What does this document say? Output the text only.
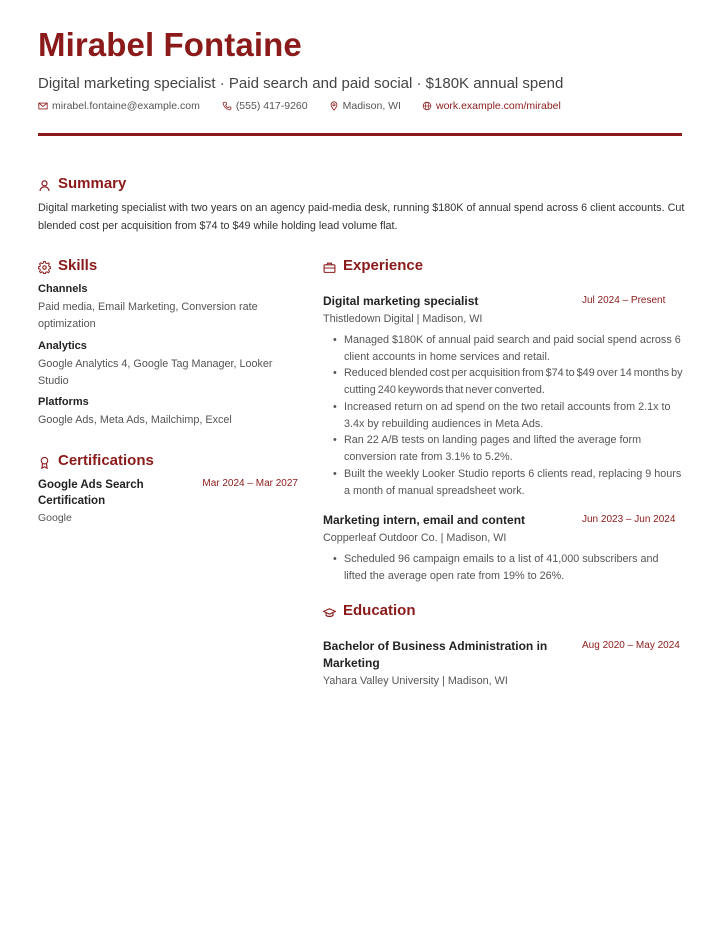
Mirabel Fontaine
Digital marketing specialist · Paid search and paid social · $180K annual spend
mirabel.fontaine@example.com	(555) 417-9260	Madison, WI	work.example.com/mirabel
Summary
Digital marketing specialist with two years on an agency paid-media desk, running $180K of annual spend across 6 client accounts. Cut blended cost per acquisition from $74 to $49 while holding lead volume flat.
Skills
Channels
Paid media, Email Marketing, Conversion rate optimization
Analytics
Google Analytics 4, Google Tag Manager, Looker Studio
Platforms
Google Ads, Meta Ads, Mailchimp, Excel
Certifications
Google Ads Search Certification
Google
Mar 2024 – Mar 2027
Experience
Digital marketing specialist	Jul 2024 – Present
Thistledown Digital | Madison, WI
• Managed $180K of annual paid search and paid social spend across 6 client accounts in home services and retail.
• Reduced blended cost per acquisition from $74 to $49 over 14 months by cutting 240 keywords that never converted.
• Increased return on ad spend on the two retail accounts from 2.1x to 3.4x by rebuilding audiences in Meta Ads.
• Ran 22 A/B tests on landing pages and lifted the average form conversion rate from 3.1% to 5.2%.
• Built the weekly Looker Studio reports 6 clients read, replacing 9 hours a month of manual spreadsheet work.
Marketing intern, email and content	Jun 2023 – Jun 2024
Copperleaf Outdoor Co. | Madison, WI
• Scheduled 96 campaign emails to a list of 41,000 subscribers and lifted the average open rate from 19% to 26%.
Education
Bachelor of Business Administration in Marketing
Aug 2020 – May 2024
Yahara Valley University | Madison, WI
